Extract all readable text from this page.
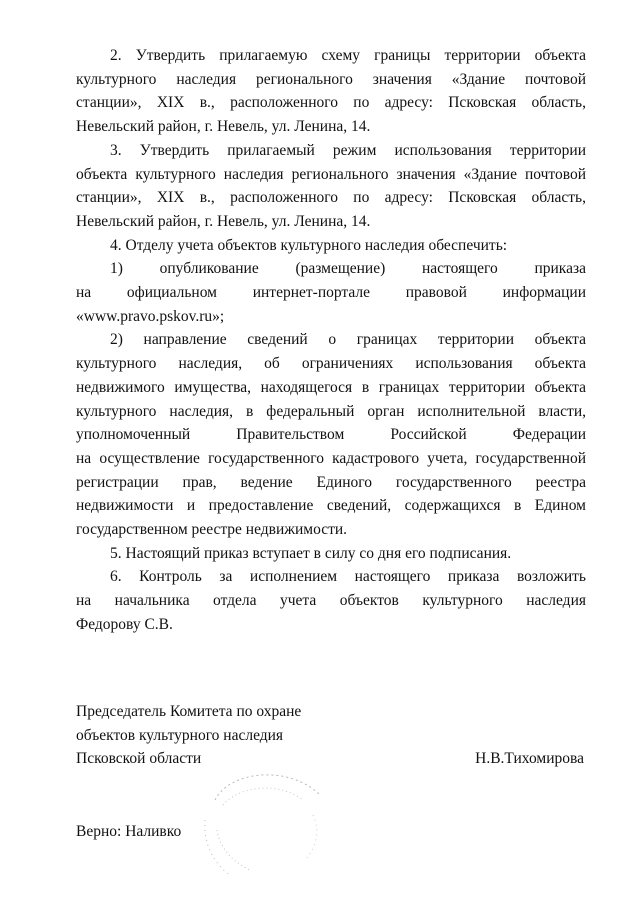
2. Утвердить прилагаемую схему границы территории объекта

культурного наследия регионального значения «Здание почтовой

станции», XIX в., расположенного по адресу: Псковская область,

Невельский район, г. Невель, ул. Ленина, 14.

3. Утвердить прилагаемый режим использования территории

объекта культурного наследия регионального значения «Здание почтовой

станции», XIX в., расположенного по адресу: Псковская область,

Невельский район, г. Невель, ул. Ленина, 14.

4. Отделу учета объектов культурного наследия обеспечить:

1) опубликование (размещение) настоящего приказа

на официальном интернет-портале правовой информации

«www.pravo.pskov.ru»;

2) направление сведений о границах территории объекта

культурного наследия, об ограничениях использования объекта

недвижимого имущества, находящегося в границах территории объекта

культурного наследия, в федеральный орган исполнительной власти,

уполномоченный Правительством Российской Федерации

на осуществление государственного кадастрового учета, государственной

регистрации прав, ведение Единого государственного реестра

недвижимости и предоставление сведений, содержащихся в Едином

государственном реестре недвижимости.

5. Настоящий приказ вступает в силу со дня его подписания.

6. Контроль за исполнением настоящего приказа возложить

на начальника отдела учета объектов культурного наследия

Федорову С.В.

Председатель Комитета по охране
объектов культурного наследия
Псковской области	Н.В.Тихомирова
Верно: Наливко
